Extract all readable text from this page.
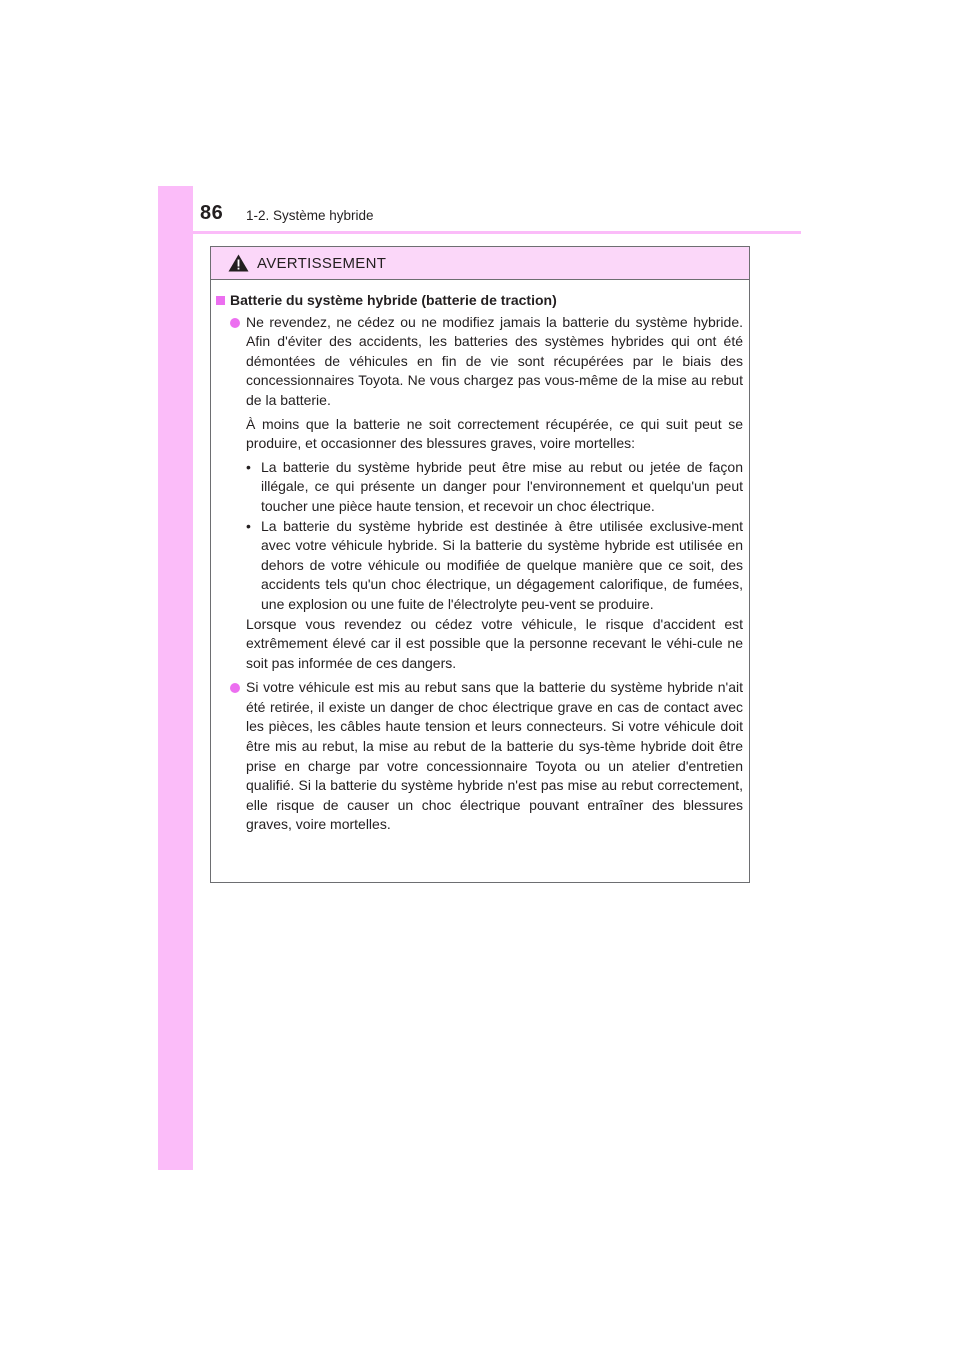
86 1-2. Système hybride
AVERTISSEMENT
Batterie du système hybride (batterie de traction)

Ne revendez, ne cédez ou ne modifiez jamais la batterie du système hybride. Afin d'éviter des accidents, les batteries des systèmes hybrides qui ont été démontées de véhicules en fin de vie sont récupérées par le biais des concessionnaires Toyota. Ne vous chargez pas vous-même de la mise au rebut de la batterie.

À moins que la batterie ne soit correctement récupérée, ce qui suit peut se produire, et occasionner des blessures graves, voire mortelles:

• La batterie du système hybride peut être mise au rebut ou jetée de façon illégale, ce qui présente un danger pour l'environnement et quelqu'un peut toucher une pièce haute tension, et recevoir un choc électrique.

• La batterie du système hybride est destinée à être utilisée exclusive-ment avec votre véhicule hybride. Si la batterie du système hybride est utilisée en dehors de votre véhicule ou modifiée de quelque manière que ce soit, des accidents tels qu'un choc électrique, un dégagement calorifique, de fumées, une explosion ou une fuite de l'électrolyte peu-vent se produire.

Lorsque vous revendez ou cédez votre véhicule, le risque d'accident est extrêmement élevé car il est possible que la personne recevant le véhi-cule ne soit pas informée de ces dangers.

Si votre véhicule est mis au rebut sans que la batterie du système hybride n'ait été retirée, il existe un danger de choc électrique grave en cas de contact avec les pièces, les câbles haute tension et leurs connecteurs. Si votre véhicule doit être mis au rebut, la mise au rebut de la batterie du sys-tème hybride doit être prise en charge par votre concessionnaire Toyota ou un atelier d'entretien qualifié. Si la batterie du système hybride n'est pas mise au rebut correctement, elle risque de causer un choc électrique pouvant entraîner des blessures graves, voire mortelles.
